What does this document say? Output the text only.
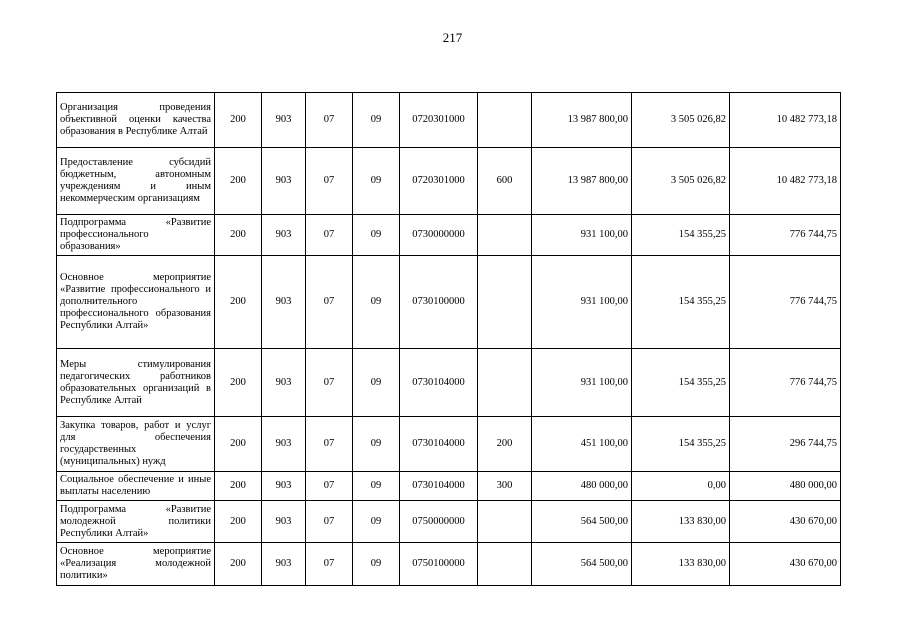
217
Организация проведения объективной оценки качества образования в Республике Алтай	200	903	07	09	0720301000		13 987 800,00	3 505 026,82	10 482 773,18
Предоставление субсидий бюджетным, автономным учреждениям и иным некоммерческим организациям	200	903	07	09	0720301000	600	13 987 800,00	3 505 026,82	10 482 773,18
Подпрограмма «Развитие профессионального образования»	200	903	07	09	0730000000		931 100,00	154 355,25	776 744,75
Основное мероприятие «Развитие профессионального и дополнительного профессионального образования Республики Алтай»	200	903	07	09	0730100000		931 100,00	154 355,25	776 744,75
Меры стимулирования педагогических работников образовательных организаций в Республике Алтай	200	903	07	09	0730104000		931 100,00	154 355,25	776 744,75
Закупка товаров, работ и услуг для обеспечения государственных (муниципальных) нужд	200	903	07	09	0730104000	200	451 100,00	154 355,25	296 744,75
Социальное обеспечение и иные выплаты населению	200	903	07	09	0730104000	300	480 000,00	0,00	480 000,00
Подпрограмма «Развитие молодежной политики Республики Алтай»	200	903	07	09	0750000000		564 500,00	133 830,00	430 670,00
Основное мероприятие «Реализация молодежной политики»	200	903	07	09	0750100000		564 500,00	133 830,00	430 670,00
